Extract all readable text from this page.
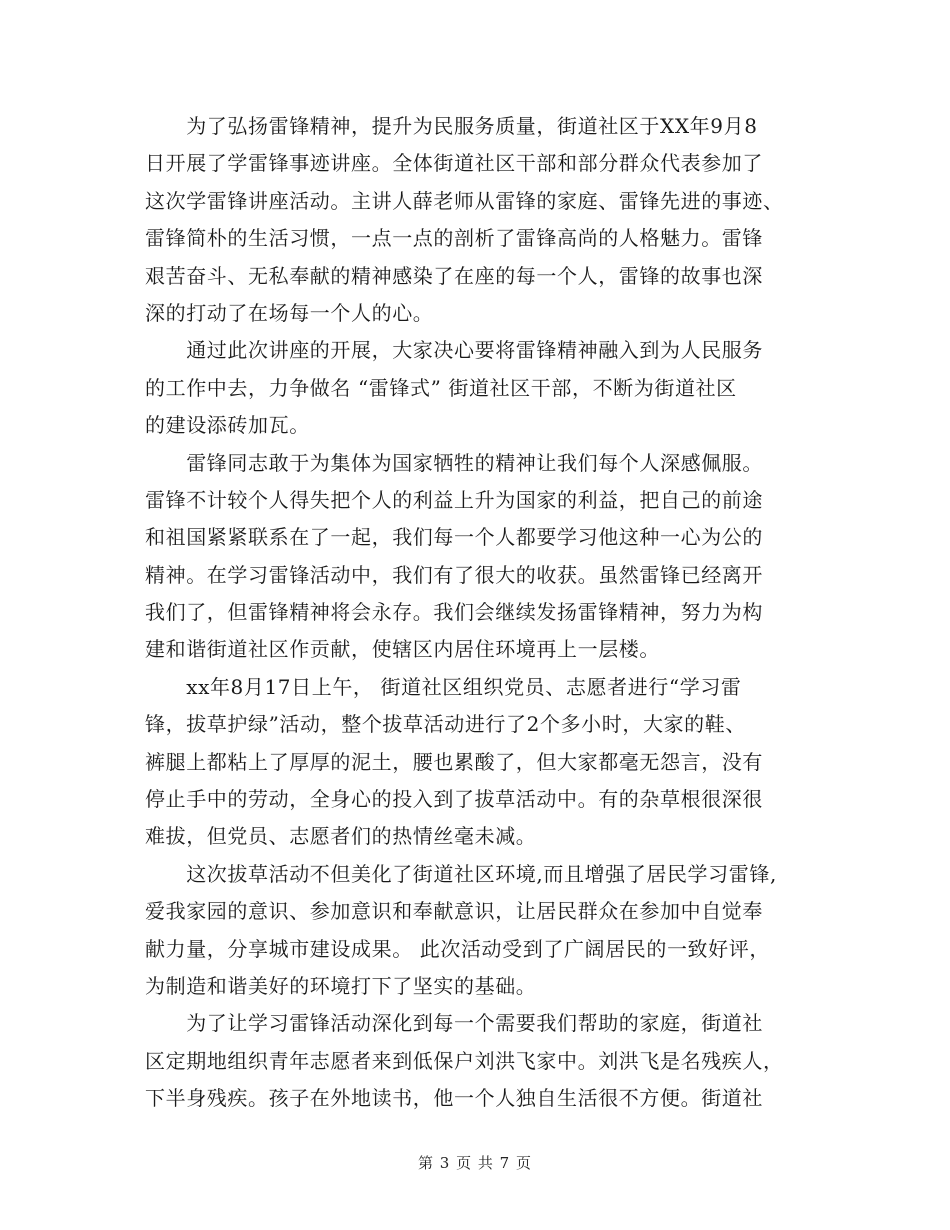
　　为了弘扬雷锋精神，提升为民服务质量，街道社区于XX年9月8
日开展了学雷锋事迹讲座。全体街道社区干部和部分群众代表参加了
这次学雷锋讲座活动。主讲人薛老师从雷锋的家庭、雷锋先进的事迹、
雷锋简朴的生活习惯，一点一点的剖析了雷锋高尚的人格魅力。雷锋
艰苦奋斗、无私奉献的精神感染了在座的每一个人，雷锋的故事也深
深的打动了在场每一个人的心。
　　通过此次讲座的开展，大家决心要将雷锋精神融入到为人民服务
的工作中去，力争做名 “雷锋式” 街道社区干部，不断为街道社区
的建设添砖加瓦。
　　雷锋同志敢于为集体为国家牺牲的精神让我们每个人深感佩服。
雷锋不计较个人得失把个人的利益上升为国家的利益，把自己的前途
和祖国紧紧联系在了一起，我们每一个人都要学习他这种一心为公的
精神。在学习雷锋活动中，我们有了很大的收获。虽然雷锋已经离开
我们了，但雷锋精神将会永存。我们会继续发扬雷锋精神，努力为构
建和谐街道社区作贡献，使辖区内居住环境再上一层楼。
　　xx年8月17日上午， 街道社区组织党员、志愿者进行“学习雷
锋，拔草护绿”活动，整个拔草活动进行了2个多小时，大家的鞋、
裤腿上都粘上了厚厚的泥土，腰也累酸了，但大家都毫无怨言，没有
停止手中的劳动，全身心的投入到了拔草活动中。有的杂草根很深很
难拔，但党员、志愿者们的热情丝毫未减。
　　这次拔草活动不但美化了街道社区环境,而且增强了居民学习雷锋,
爱我家园的意识、参加意识和奉献意识，让居民群众在参加中自觉奉
献力量，分享城市建设成果。 此次活动受到了广阔居民的一致好评，
为制造和谐美好的环境打下了坚实的基础。
　　为了让学习雷锋活动深化到每一个需要我们帮助的家庭，街道社
区定期地组织青年志愿者来到低保户刘洪飞家中。刘洪飞是名残疾人，
下半身残疾。孩子在外地读书，他一个人独自生活很不方便。街道社
第 3 页 共 7 页
